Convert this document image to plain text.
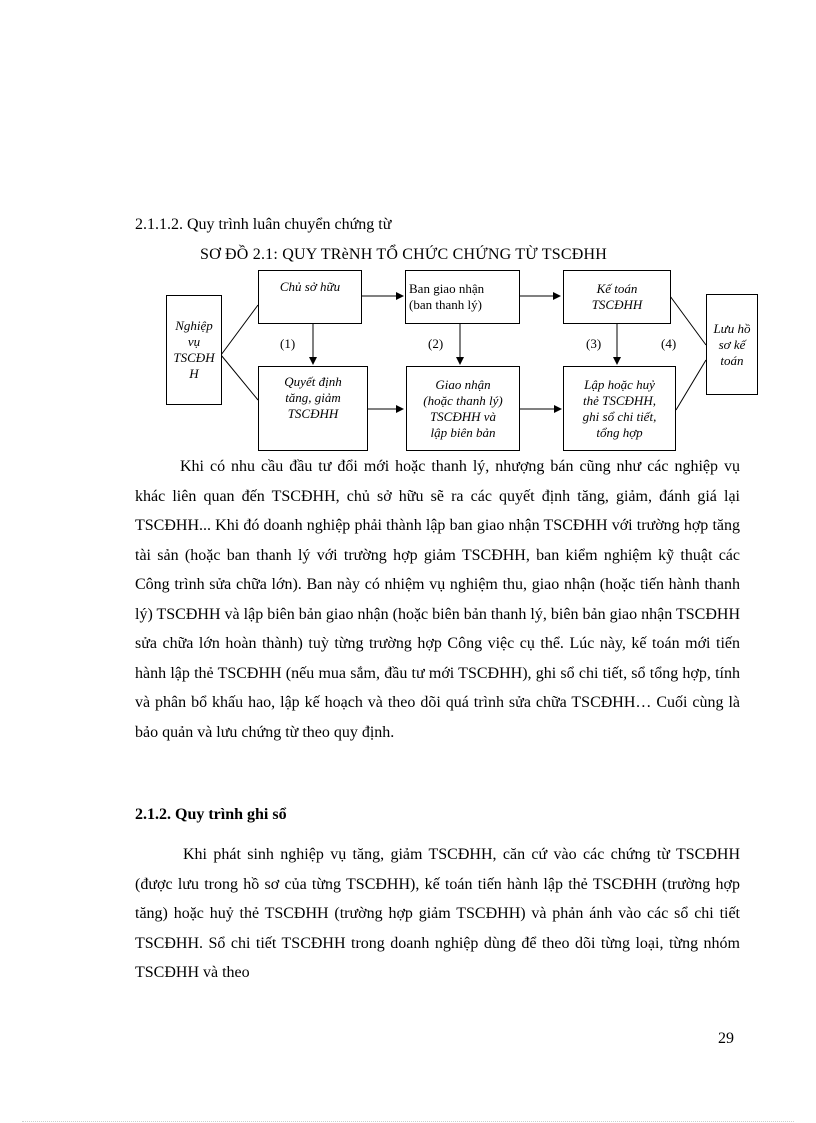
2.1.1.2. Quy trình luân chuyển chứng từ
SƠ ĐỒ 2.1: QUY TRèNH TỔ CHỨC CHỨNG TỪ TSCĐHH
Nghiệp
vụ
TSCĐH
H
Chủ sở hữu	Ban giao nhận
(ban thanh lý)
Kế toán
TSCĐHH
Lưu hồ
sơ kế
toán
Quyết định
tăng, giảm
TSCĐHH
Giao nhận
(hoặc thanh lý)
TSCĐHH và
lập biên bản
Lập hoặc huỷ
thẻ TSCĐHH,
ghi sổ chi tiết,
tổng hợp
(1)	(2)	(3)	(4)

Khi có nhu cầu đầu tư đổi mới hoặc thanh lý, nhượng bán cũng như các nghiệp vụ khác liên quan đến TSCĐHH, chủ sở hữu sẽ ra các quyết định tăng, giảm, đánh giá lại TSCĐHH... Khi đó doanh nghiệp phải thành lập ban giao nhận TSCĐHH với trường hợp tăng tài sản (hoặc ban thanh lý với trường hợp giảm TSCĐHH, ban kiểm nghiệm kỹ thuật các Công trình sửa chữa lớn). Ban này có nhiệm vụ nghiệm thu, giao nhận (hoặc tiến hành thanh lý) TSCĐHH và lập biên bản giao nhận (hoặc biên bản thanh lý, biên bản giao nhận TSCĐHH sửa chữa lớn hoàn thành) tuỳ từng trường hợp Công việc cụ thể. Lúc này, kế toán mới tiến hành lập thẻ TSCĐHH (nếu mua sắm, đầu tư mới TSCĐHH), ghi sổ chi tiết, sổ tổng hợp, tính và phân bổ khấu hao, lập kế hoạch và theo dõi quá trình sửa chữa TSCĐHH… Cuối cùng là bảo quản và lưu chứng từ theo quy định.

2.1.2. Quy trình ghi sổ

Khi phát sinh nghiệp vụ tăng, giảm TSCĐHH, căn cứ vào các chứng từ TSCĐHH (được lưu trong hồ sơ của từng TSCĐHH), kế toán tiến hành lập thẻ TSCĐHH (trường hợp tăng) hoặc huỷ thẻ TSCĐHH (trường hợp giảm TSCĐHH) và phản ánh vào các sổ chi tiết TSCĐHH. Sổ chi tiết TSCĐHH trong doanh nghiệp dùng để theo dõi từng loại, từng nhóm TSCĐHH và theo

29
